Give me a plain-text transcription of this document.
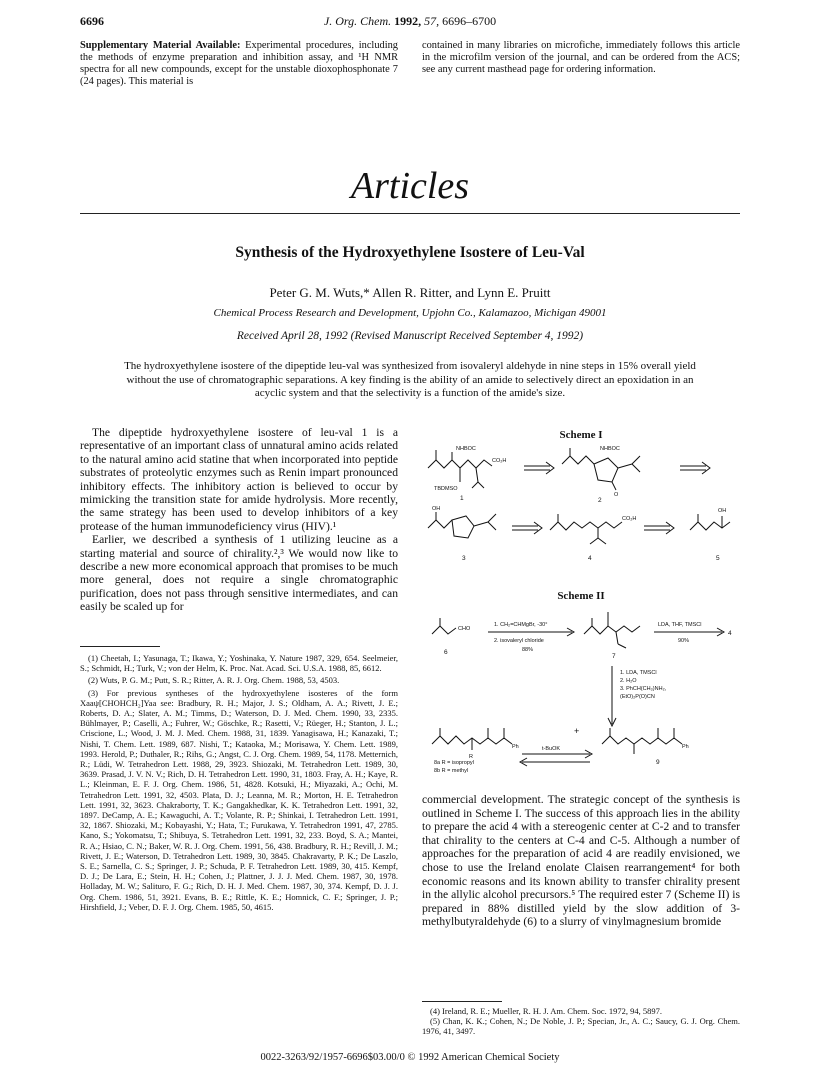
6696	J. Org. Chem. 1992, 57, 6696–6700
Supplementary Material Available: Experimental procedures, including the methods of enzyme preparation and inhibition assay, and ¹H NMR spectra for all new compounds, except for the unstable dioxophosphonate 7 (24 pages). This material is
contained in many libraries on microfiche, immediately follows this article in the microfilm version of the journal, and can be ordered from the ACS; see any current masthead page for ordering information.
Articles
Synthesis of the Hydroxyethylene Isostere of Leu-Val
Peter G. M. Wuts,* Allen R. Ritter, and Lynn E. Pruitt
Chemical Process Research and Development, Upjohn Co., Kalamazoo, Michigan 49001
Received April 28, 1992 (Revised Manuscript Received September 4, 1992)
The hydroxyethylene isostere of the dipeptide leu-val was synthesized from isovaleryl aldehyde in nine steps in 15% overall yield without the use of chromatographic separations. A key finding is the ability of an amide to selectively direct an epoxidation in an acyclic system and that the selectivity is a function of the amide's size.

The dipeptide hydroxyethylene isostere of leu-val 1 is a representative of an important class of unnatural amino acids related to the natural amino acid statine that when incorporated into peptide substrates of proteolytic enzymes such as Renin impart pronounced inhibitory effects. The inhibitory action is believed to occur by mimicking the transition state for amide hydrolysis. More recently, the same strategy has been used to develop inhibitors of a key protease of the human immunodeficiency virus (HIV).¹

Earlier, we described a synthesis of 1 utilizing leucine as a starting material and source of chirality.²,³ We would now like to describe a new more economical approach that promises to be much more general, does not require a single chromatographic purification, does not pass through sensitive intermediates, and can easily be scaled up for

(1) Cheetah, I.; Yasunaga, T.; Ikawa, Y.; Yoshinaka, Y. Nature 1987, 329, 654. Seelmeier, S.; Schmidt, H.; Turk, V.; von der Helm, K. Proc. Nat. Acad. Sci. U.S.A. 1988, 85, 6612.

(2) Wuts, P. G. M.; Putt, S. R.; Ritter, A. R. J. Org. Chem. 1988, 53, 4503.

(3) For previous syntheses of the hydroxyethylene isosteres of the form Xaaψ[CHOHCH₂]Yaa see: Bradbury, R. H.; Major, J. S.; Oldham, A. A.; Rivett, J. E.; Roberts, D. A.; Slater, A. M.; Timms, D.; Waterson, D. J. Med. Chem. 1990, 33, 2335. Bühlmayer, P.; Caselli, A.; Fuhrer, W.; Göschke, R.; Rasetti, V.; Rüeger, H.; Stanton, J. L.; Criscione, L.; Wood, J. M. J. Med. Chem. 1988, 31, 1839. Yanagisawa, H.; Kanazaki, T.; Nishi, T. Chem. Lett. 1989, 687. Nishi, T.; Kataoka, M.; Morisawa, Y. Chem. Lett. 1989, 1993. Herold, P.; Duthaler, R.; Rihs, G.; Angst, C. J. Org. Chem. 1989, 54, 1178. Metternich, R.; Lüdi, W. Tetrahedron Lett. 1988, 29, 3923. Shiozaki, M. Tetrahedron Lett. 1989, 30, 3639. Prasad, J. V. N. V.; Rich, D. H. Tetrahedron Lett. 1990, 31, 1803. Fray, A. H.; Kaye, R. L.; Kleinman, E. F. J. Org. Chem. 1986, 51, 4828. Kotsuki, H.; Miyazaki, A.; Ochi, M. Tetrahedron Lett. 1991, 32, 4503. Plata, D. J.; Leanna, M. R.; Morton, H. E. Tetrahedron Lett. 1991, 32, 3623. Chakraborty, T. K.; Gangakhedkar, K. K. Tetrahedron Lett. 1991, 32, 1897. DeCamp, A. E.; Kawaguchi, A. T.; Volante, R. P.; Shinkai, I. Tetrahedron Lett. 1991, 32, 1867. Shiozaki, M.; Kobayashi, Y.; Hata, T.; Furukawa, Y. Tetrahedron 1991, 47, 2785. Kano, S.; Yokomatsu, T.; Shibuya, S. Tetrahedron Lett. 1991, 32, 233. Boyd, S. A.; Mantei, R. A.; Hsiao, C. N.; Baker, W. R. J. Org. Chem. 1991, 56, 438. Bradbury, R. H.; Revill, J. M.; Rivett, J. E.; Waterson, D. Tetrahedron Lett. 1989, 30, 3845. Chakravarty, P. K.; De Laszlo, S. E.; Sarnella, C. S.; Springer, J. P.; Schuda, P. F. Tetrahedron Lett. 1989, 30, 415. Kempf, D. J.; De Lara, E.; Stein, H. H.; Cohen, J.; Plattner, J. J. J. Med. Chem. 1987, 30, 1978. Holladay, M. W.; Salituro, F. G.; Rich, D. H. J. Med. Chem. 1987, 30, 374. Kempf, D. J. J. Org. Chem. 1986, 51, 3921. Evans, B. E.; Rittle, K. E.; Homnick, C. F.; Springer, J. P.; Hirshfield, J.; Veber, D. F. J. Org. Chem. 1985, 50, 4615.

Scheme I
NHBOC
CO₂H
TBDMSO
NHBOC
O
OH
CO₂H
OH
1	2
3	4	5
Scheme II
CHO
1. CH₂=CHMgBr, -30°
2. isovaleryl chloride
88%
LDA, THF, TMSCl
90%
1. LDA, TMSCl
2. H₂O
3. PhCH(CH₃)NH₂,
(EtO)₂P(O)CN
Ph
R
Ph
t-BuOK
8a R = isopropyl
8b R = methyl
6
7
4
9
+
commercial development. The strategic concept of the synthesis is outlined in Scheme I. The success of this approach lies in the ability to prepare the acid 4 with a stereogenic center at C-2 and to transfer that chirality to the centers at C-4 and C-5. Although a number of approaches for the preparation of acid 4 are readily envisioned, we chose to use the Ireland enolate Claisen rearrangement⁴ for both economic reasons and its known ability to transfer chirality present in the allylic alcohol precursors.⁵ The required ester 7 (Scheme II) is prepared in 88% distilled yield by the slow addition of 3-methylbutyraldehyde (6) to a slurry of vinylmagnesium bromide

(4) Ireland, R. E.; Mueller, R. H. J. Am. Chem. Soc. 1972, 94, 5897.

(5) Chan, K. K.; Cohen, N.; De Noble, J. P.; Specian, Jr., A. C.; Saucy, G. J. Org. Chem. 1976, 41, 3497.

0022-3263/92/1957-6696$03.00/0 © 1992 American Chemical Society
